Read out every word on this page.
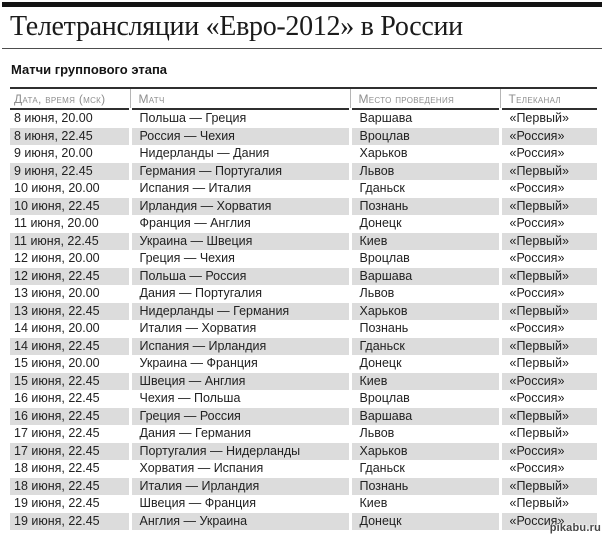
Телетрансляции «Евро-2012» в России
Матчи группового этапа
Дата, время (мск)	Матч	Место проведения	Телеканал
8 июня, 20.00	Польша — Греция	Варшава	«Первый»
8 июня, 22.45	Россия — Чехия	Вроцлав	«Россия»
9 июня, 20.00	Нидерланды — Дания	Харьков	«Россия»
9 июня, 22.45	Германия — Португалия	Львов	«Первый»
10 июня, 20.00	Испания — Италия	Гданьск	«Россия»
10 июня, 22.45	Ирландия — Хорватия	Познань	«Первый»
11 июня, 20.00	Франция — Англия	Донецк	«Россия»
11 июня, 22.45	Украина — Швеция	Киев	«Первый»
12 июня, 20.00	Греция — Чехия	Вроцлав	«Россия»
12 июня, 22.45	Польша — Россия	Варшава	«Первый»
13 июня, 20.00	Дания — Португалия	Львов	«Россия»
13 июня, 22.45	Нидерланды — Германия	Харьков	«Первый»
14 июня, 20.00	Италия — Хорватия	Познань	«Россия»
14 июня, 22.45	Испания — Ирландия	Гданьск	«Первый»
15 июня, 20.00	Украина — Франция	Донецк	«Первый»
15 июня, 22.45	Швеция — Англия	Киев	«Россия»
16 июня, 22.45	Чехия — Польша	Вроцлав	«Россия»
16 июня, 22.45	Греция — Россия	Варшава	«Первый»
17 июня, 22.45	Дания — Германия	Львов	«Первый»
17 июня, 22.45	Португалия — Нидерланды	Харьков	«Россия»
18 июня, 22.45	Хорватия — Испания	Гданьск	«Россия»
18 июня, 22.45	Италия — Ирландия	Познань	«Первый»
19 июня, 22.45	Швеция — Франция	Киев	«Первый»
19 июня, 22.45	Англия — Украина	Донецк	«Россия»
pikabu.ru
